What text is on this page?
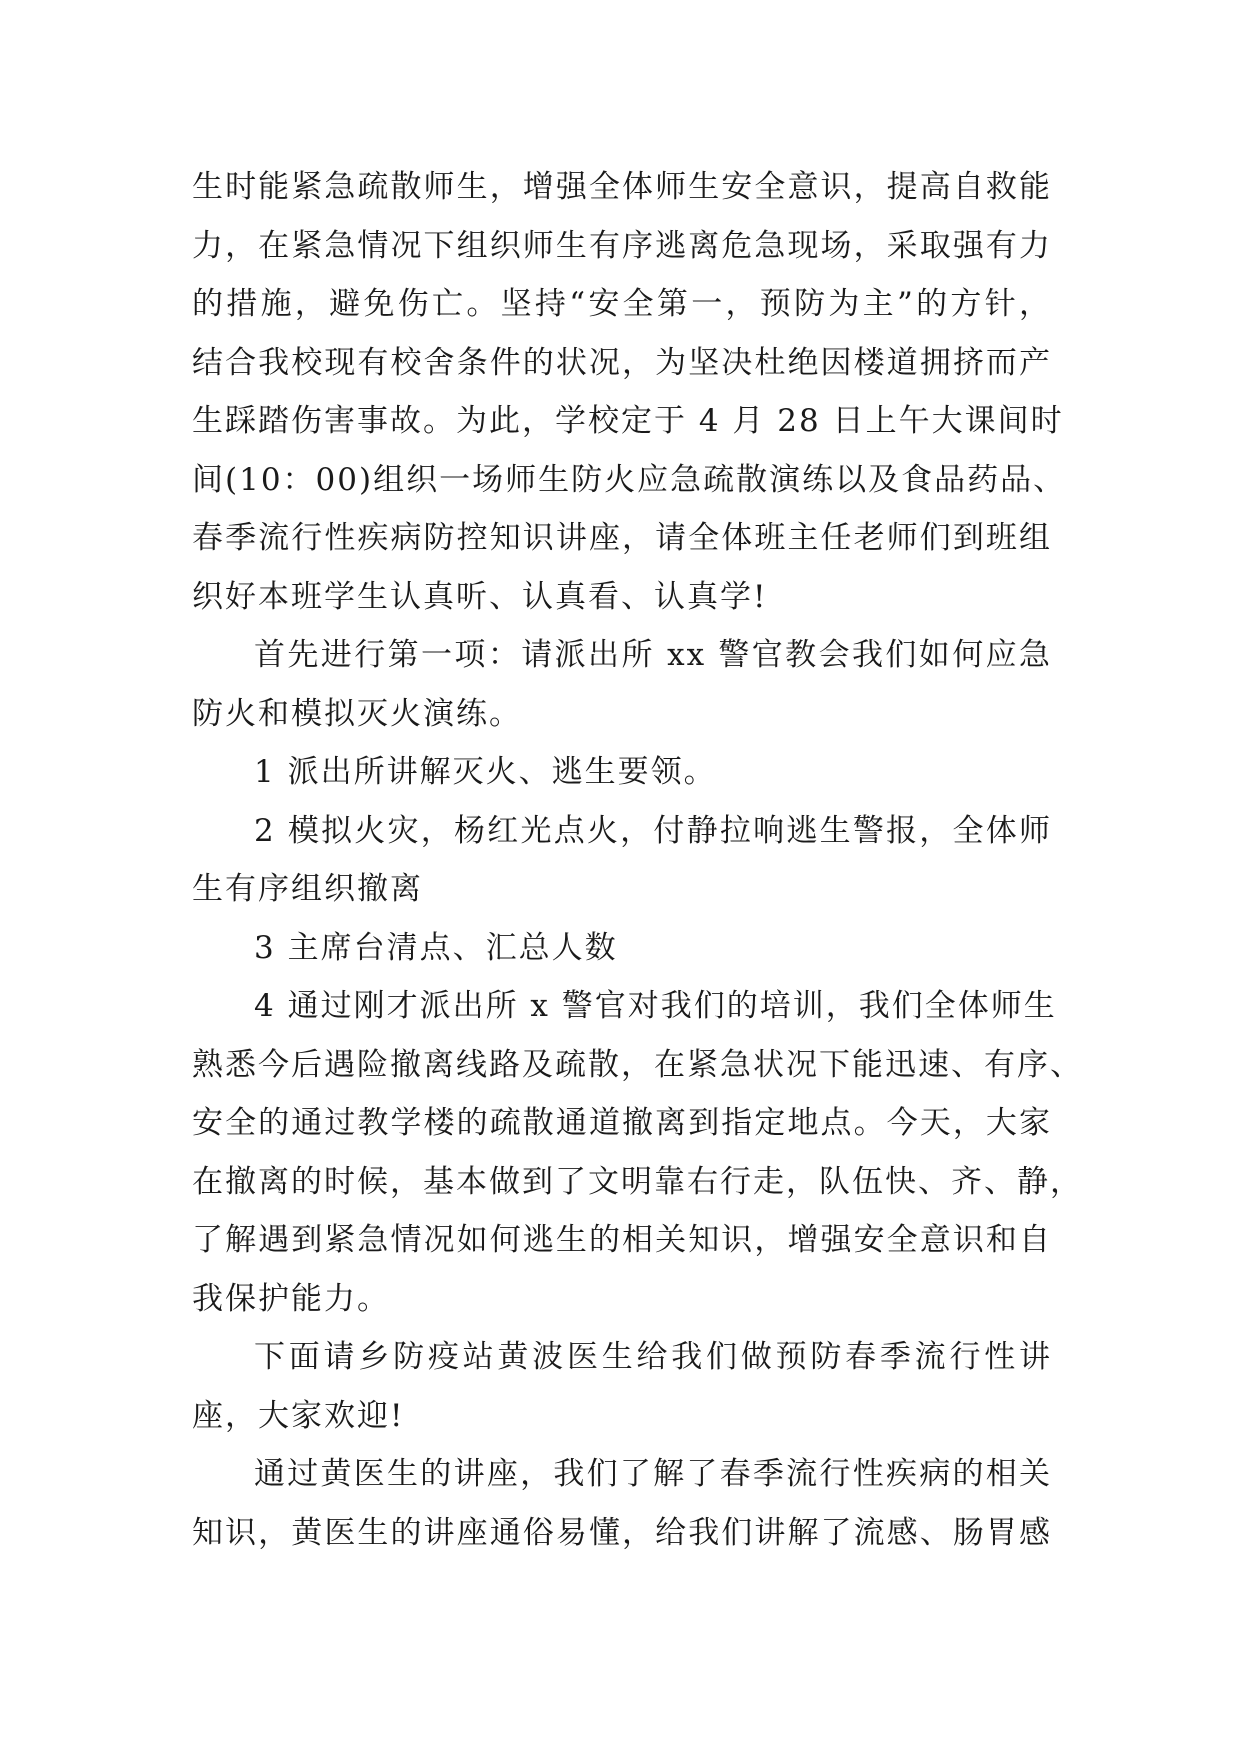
生时能紧急疏散师生，增强全体师生安全意识，提高自救能
力，在紧急情况下组织师生有序逃离危急现场，采取强有力
的措施，避免伤亡。坚持“安全第一，预防为主”的方针，
结合我校现有校舍条件的状况，为坚决杜绝因楼道拥挤而产
生踩踏伤害事故。为此，学校定于 4 月 28 日上午大课间时
间(10：00)组织一场师生防火应急疏散演练以及食品药品、
春季流行性疾病防控知识讲座，请全体班主任老师们到班组
织好本班学生认真听、认真看、认真学!
首先进行第一项：请派出所 xx 警官教会我们如何应急
防火和模拟灭火演练。
1 派出所讲解灭火、逃生要领。
2 模拟火灾，杨红光点火，付静拉响逃生警报，全体师
生有序组织撤离
3 主席台清点、汇总人数
4 通过刚才派出所 x 警官对我们的培训，我们全体师生
熟悉今后遇险撤离线路及疏散，在紧急状况下能迅速、有序、
安全的通过教学楼的疏散通道撤离到指定地点。今天，大家
在撤离的时候，基本做到了文明靠右行走，队伍快、齐、静，
了解遇到紧急情况如何逃生的相关知识，增强安全意识和自
我保护能力。
下面请乡防疫站黄波医生给我们做预防春季流行性讲
座，大家欢迎!
通过黄医生的讲座，我们了解了春季流行性疾病的相关
知识，黄医生的讲座通俗易懂，给我们讲解了流感、肠胃感
